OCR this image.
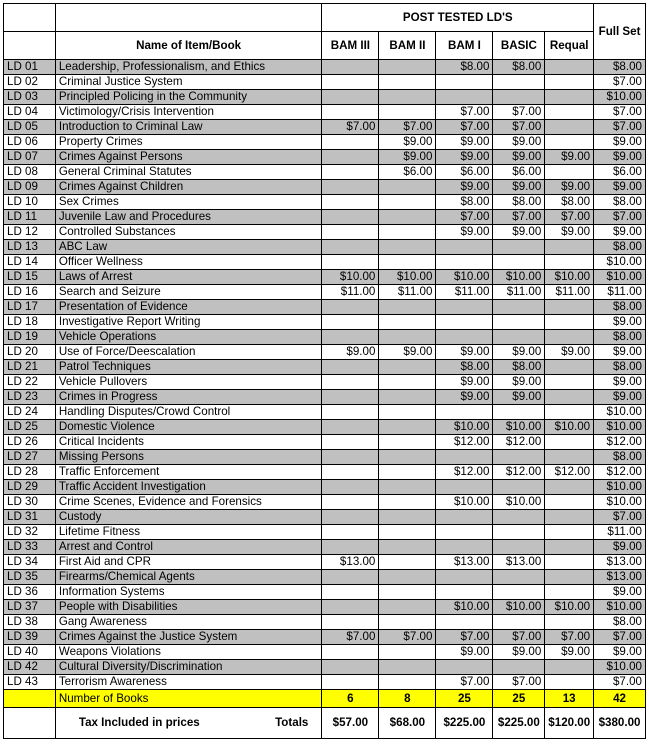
		POST TESTED LD'S					Full Set
	Name of Item/Book	BAM III	BAM II	BAM I	BASIC	Requal	
LD 01	Leadership, Professionalism, and Ethics			$8.00	$8.00		$8.00
LD 02	Criminal Justice System						$7.00
LD 03	Principled Policing in the Community						$10.00
LD 04	Victimology/Crisis Intervention			$7.00	$7.00		$7.00
LD 05	Introduction to Criminal Law	$7.00	$7.00	$7.00	$7.00		$7.00
LD 06	Property Crimes		$9.00	$9.00	$9.00		$9.00
LD 07	Crimes Against Persons		$9.00	$9.00	$9.00	$9.00	$9.00
LD 08	General Criminal Statutes		$6.00	$6.00	$6.00		$6.00
LD 09	Crimes Against Children			$9.00	$9.00	$9.00	$9.00
LD 10	Sex Crimes			$8.00	$8.00	$8.00	$8.00
LD 11	Juvenile Law and Procedures			$7.00	$7.00	$7.00	$7.00
LD 12	Controlled Substances			$9.00	$9.00	$9.00	$9.00
LD 13	ABC Law						$8.00
LD 14	Officer Wellness						$10.00
LD 15	Laws of Arrest	$10.00	$10.00	$10.00	$10.00	$10.00	$10.00
LD 16	Search and Seizure	$11.00	$11.00	$11.00	$11.00	$11.00	$11.00
LD 17	Presentation of Evidence						$8.00
LD 18	Investigative Report Writing						$9.00
LD 19	Vehicle Operations						$8.00
LD 20	Use of Force/Deescalation	$9.00	$9.00	$9.00	$9.00	$9.00	$9.00
LD 21	Patrol Techniques			$8.00	$8.00		$8.00
LD 22	Vehicle Pullovers			$9.00	$9.00		$9.00
LD 23	Crimes in Progress			$9.00	$9.00		$9.00
LD 24	Handling Disputes/Crowd Control						$10.00
LD 25	Domestic Violence			$10.00	$10.00	$10.00	$10.00
LD 26	Critical Incidents			$12.00	$12.00		$12.00
LD 27	Missing Persons						$8.00
LD 28	Traffic Enforcement			$12.00	$12.00	$12.00	$12.00
LD 29	Traffic Accident Investigation						$10.00
LD 30	Crime Scenes, Evidence and Forensics			$10.00	$10.00		$10.00
LD 31	Custody						$7.00
LD 32	Lifetime Fitness						$11.00
LD 33	Arrest and Control						$9.00
LD 34	First Aid and CPR	$13.00		$13.00	$13.00		$13.00
LD 35	Firearms/Chemical Agents						$13.00
LD 36	Information Systems						$9.00
LD 37	People with Disabilities			$10.00	$10.00	$10.00	$10.00
LD 38	Gang Awareness						$8.00
LD 39	Crimes Against the Justice System	$7.00	$7.00	$7.00	$7.00	$7.00	$7.00
LD 40	Weapons Violations			$9.00	$9.00	$9.00	$9.00
LD 42	Cultural Diversity/Discrimination						$10.00
LD 43	Terrorism Awareness			$7.00	$7.00		$7.00
	Number of Books	6	8	25	25	13	42

	Tax Included in prices Totals	$57.00	$68.00	$225.00	$225.00	$120.00	$380.00
